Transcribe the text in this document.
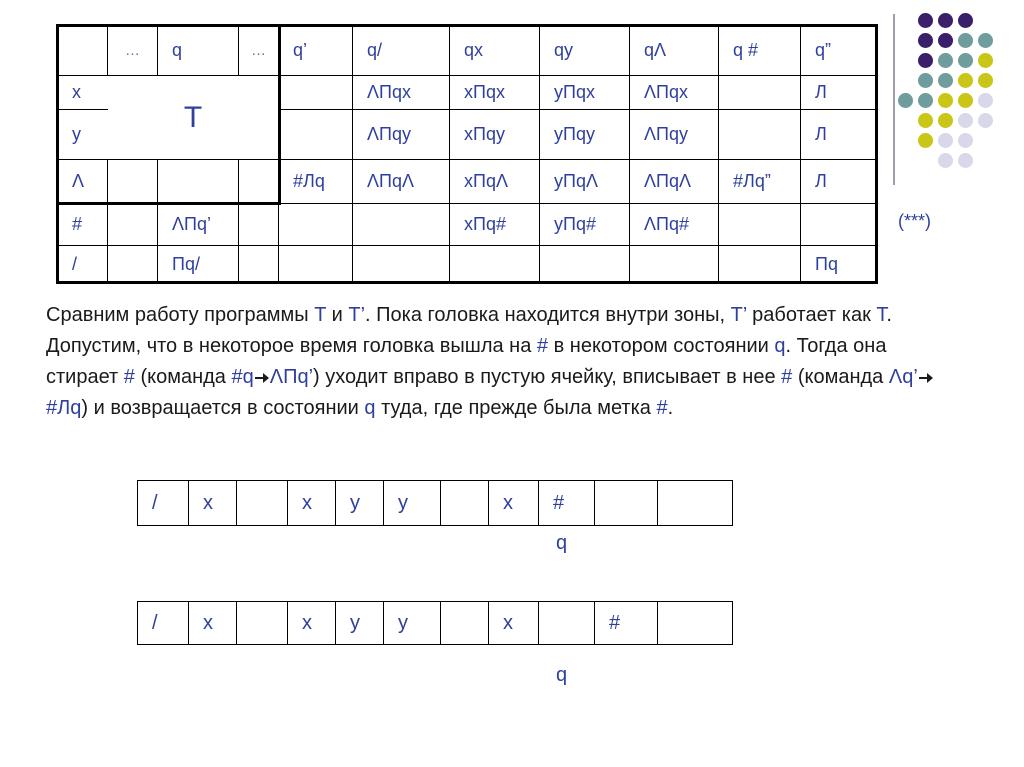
	…	q	…	q’	q/	qx	qy	qΛ	q #	q”
x	T				ΛПqx	xПqx	yПqx	ΛПqx		Л
y					ΛПqy	xПqy	yПqy	ΛПqy		Л
Λ				#Лq	ΛПqΛ	xПqΛ	yПqΛ	ΛПqΛ	#Лq”	Л
#		ΛПq’				xПq#	yПq#	ΛПq#		
/		Пq/								Пq
(***)

Сравним работу программы T и T’. Пока головка находится внутри зоны, T’ работает как T. Допустим, что в некоторое время головка вышла на # в некотором состоянии q. Тогда она стирает # (команда #q ΛПq’) уходит вправо в пустую ячейку, вписывает в нее # (команда Λq’#Лq) и возвращается в состоянии q туда, где прежде была метка #.

/	x		x	y	y		x	#		
q
/	x		x	y	y		x		#	
q
